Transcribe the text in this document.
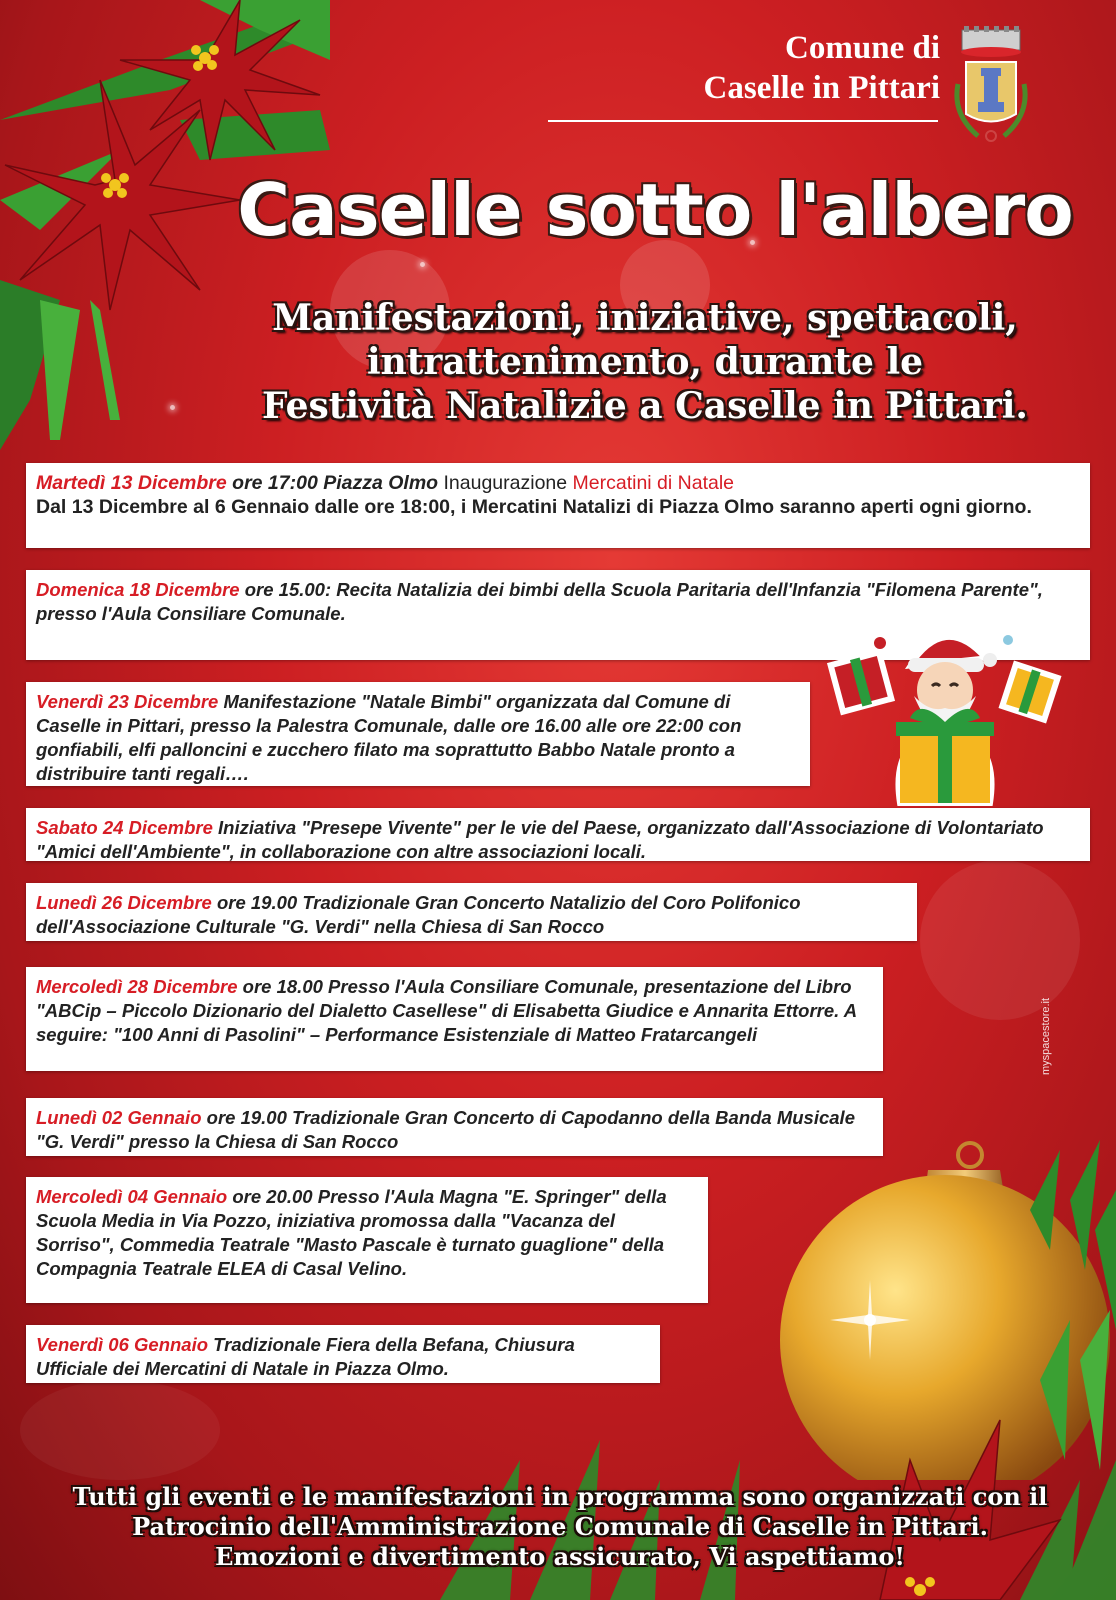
Comune di
Caselle in Pittari
Caselle sotto l'albero
Manifestazioni, iniziative, spettacoli,
intrattenimento, durante le
Festività Natalizie a Caselle in Pittari.
Martedì 13 Dicembre ore 17:00 Piazza Olmo Inaugurazione Mercatini di Natale
Dal 13 Dicembre al 6 Gennaio dalle ore 18:00, i Mercatini Natalizi di Piazza Olmo saranno aperti ogni giorno.
Domenica 18 Dicembre ore 15.00: Recita Natalizia dei bimbi della Scuola Paritaria dell'Infanzia "Filomena Parente", presso l'Aula Consiliare Comunale.
Venerdì 23 Dicembre Manifestazione "Natale Bimbi" organizzata dal Comune di Caselle in Pittari, presso la Palestra Comunale, dalle ore 16.00 alle ore 22:00 con gonfiabili, elfi palloncini e zucchero filato ma soprattutto Babbo Natale pronto a distribuire tanti regali….
Sabato 24 Dicembre Iniziativa "Presepe Vivente" per le vie del Paese, organizzato dall'Associazione di Volontariato "Amici dell'Ambiente", in collaborazione con altre associazioni locali.
Lunedì 26 Dicembre ore 19.00 Tradizionale Gran Concerto Natalizio del Coro Polifonico dell'Associazione Culturale "G. Verdi" nella Chiesa di San Rocco
Mercoledì 28 Dicembre ore 18.00 Presso l'Aula Consiliare Comunale, presentazione del Libro "ABCip – Piccolo Dizionario del Dialetto Casellese" di Elisabetta Giudice e Annarita Ettorre. A seguire: "100 Anni di Pasolini" – Performance Esistenziale di Matteo Fratarcangeli
Lunedì 02 Gennaio ore 19.00 Tradizionale Gran Concerto di Capodanno della Banda Musicale "G. Verdi" presso la Chiesa di San Rocco
Mercoledì 04 Gennaio ore 20.00 Presso l'Aula Magna "E. Springer" della Scuola Media in Via Pozzo, iniziativa promossa dalla "Vacanza del Sorriso", Commedia Teatrale "Masto Pascale è turnato guaglione" della Compagnia Teatrale ELEA di Casal Velino.
Venerdì 06 Gennaio Tradizionale Fiera della Befana, Chiusura Ufficiale dei Mercatini di Natale in Piazza Olmo.
Tutti gli eventi e le manifestazioni in programma sono organizzati con il
Patrocinio dell'Amministrazione Comunale di Caselle in Pittari.
Emozioni e divertimento assicurato, Vi aspettiamo!
myspacestore.it
